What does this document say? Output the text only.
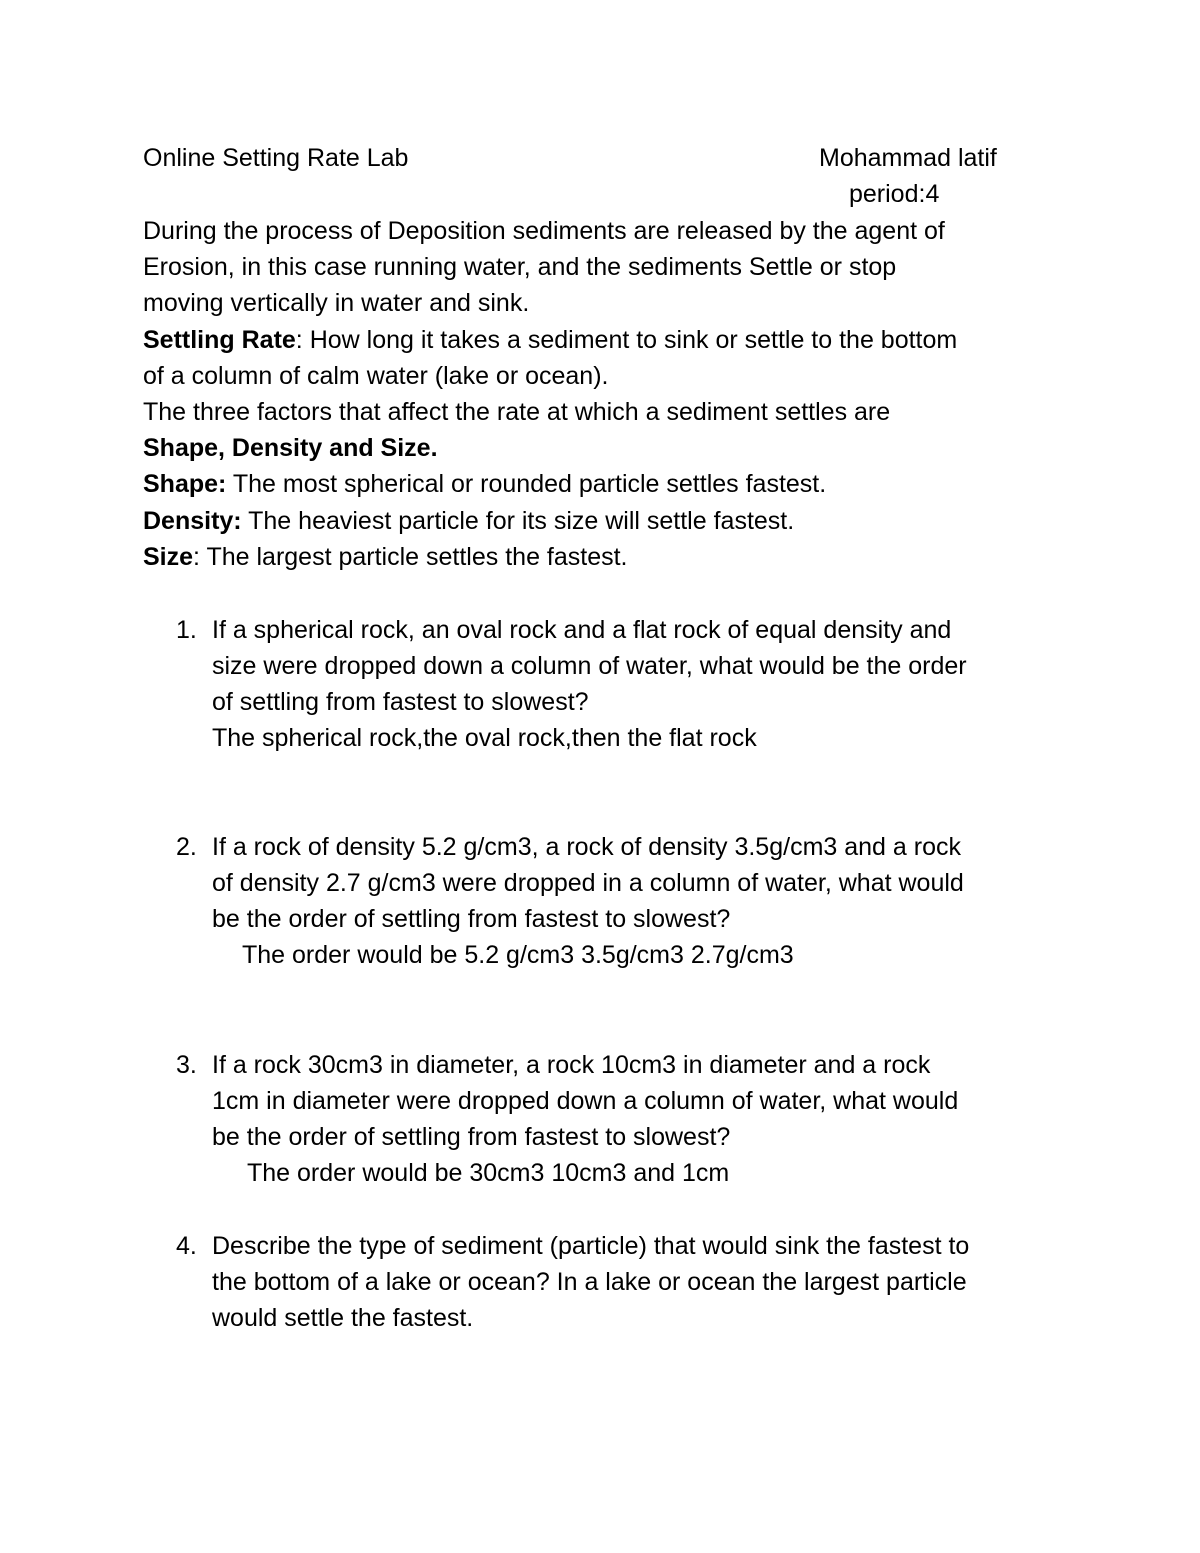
Online Setting Rate Lab	Mohammad latif
period:4
During the process of Deposition sediments are released by the agent of
Erosion, in this case running water, and the sediments Settle or stop
moving vertically in water and sink.
Settling Rate: How long it takes a sediment to sink or settle to the bottom
of a column of calm water (lake or ocean).
The three factors that affect the rate at which a sediment settles are
Shape, Density and Size.
Shape: The most spherical or rounded particle settles fastest.
Density: The heaviest particle for its size will settle fastest.
Size: The largest particle settles the fastest.
1. If a spherical rock, an oval rock and a flat rock of equal density and
size were dropped down a column of water, what would be the order
of settling from fastest to slowest?
The spherical rock,the oval rock,then the flat rock
2. If a rock of density 5.2 g/cm3, a rock of density 3.5g/cm3 and a rock
of density 2.7 g/cm3 were dropped in a column of water, what would
be the order of settling from fastest to slowest?
The order would be 5.2 g/cm3 3.5g/cm3 2.7g/cm3
3. If a rock 30cm3 in diameter, a rock 10cm3 in diameter and a rock
1cm in diameter were dropped down a column of water, what would
be the order of settling from fastest to slowest?
The order would be 30cm3 10cm3 and 1cm
4. Describe the type of sediment (particle) that would sink the fastest to
the bottom of a lake or ocean? In a lake or ocean the largest particle
would settle the fastest.
